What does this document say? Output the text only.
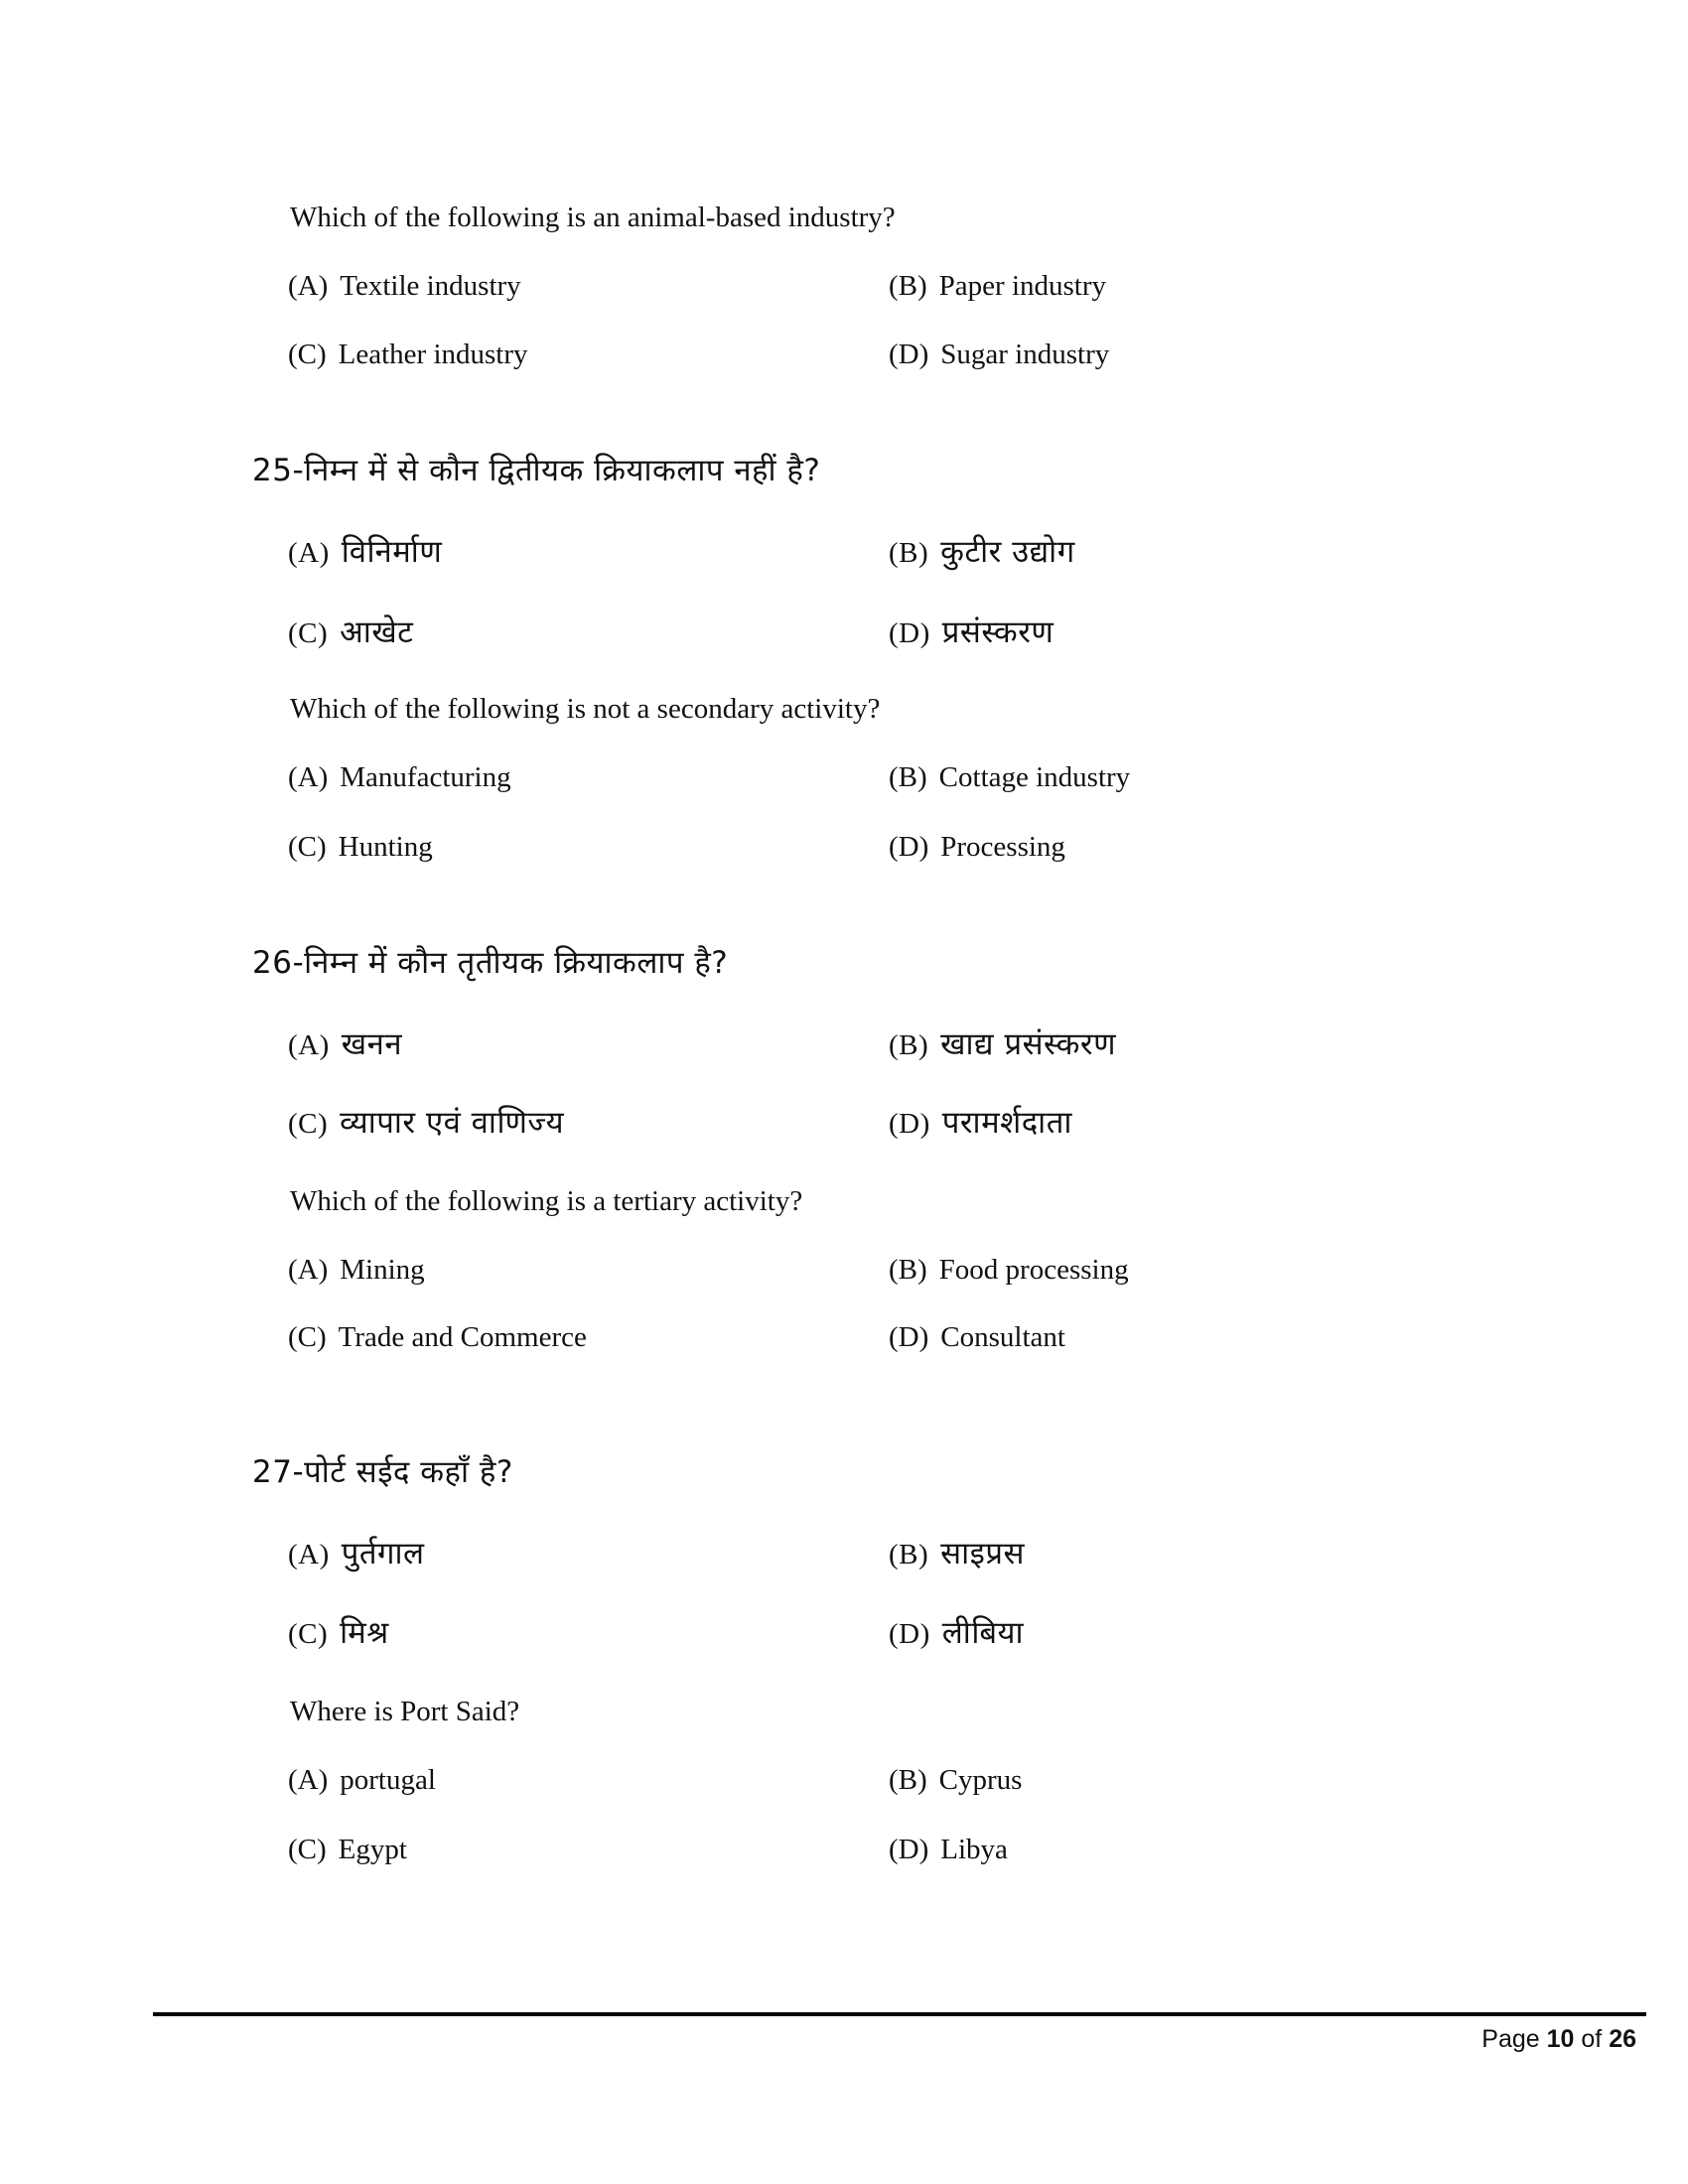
Which of the following is an animal-based industry?
(A) Textile industry	(B) Paper industry
(C) Leather industry	(D) Sugar industry
25-निम्न में से कौन द्वितीयक क्रियाकलाप नहीं है?
(A) विनिर्माण	(B) कुटीर उद्योग
(C) आखेट	(D) प्रसंस्करण
Which of the following is not a secondary activity?
(A) Manufacturing	(B) Cottage industry
(C) Hunting	(D) Processing
26-निम्न में कौन तृतीयक क्रियाकलाप है?
(A) खनन	(B) खाद्य प्रसंस्करण
(C) व्यापार एवं वाणिज्य	(D) परामर्शदाता
Which of the following is a tertiary activity?
(A) Mining	(B) Food processing
(C) Trade and Commerce	(D) Consultant
27-पोर्ट सईद कहाँ है?
(A) पुर्तगाल	(B) साइप्रस
(C) मिश्र	(D) लीबिया
Where is Port Said?
(A) portugal	(B) Cyprus
(C) Egypt	(D) Libya
Page 10 of 26
